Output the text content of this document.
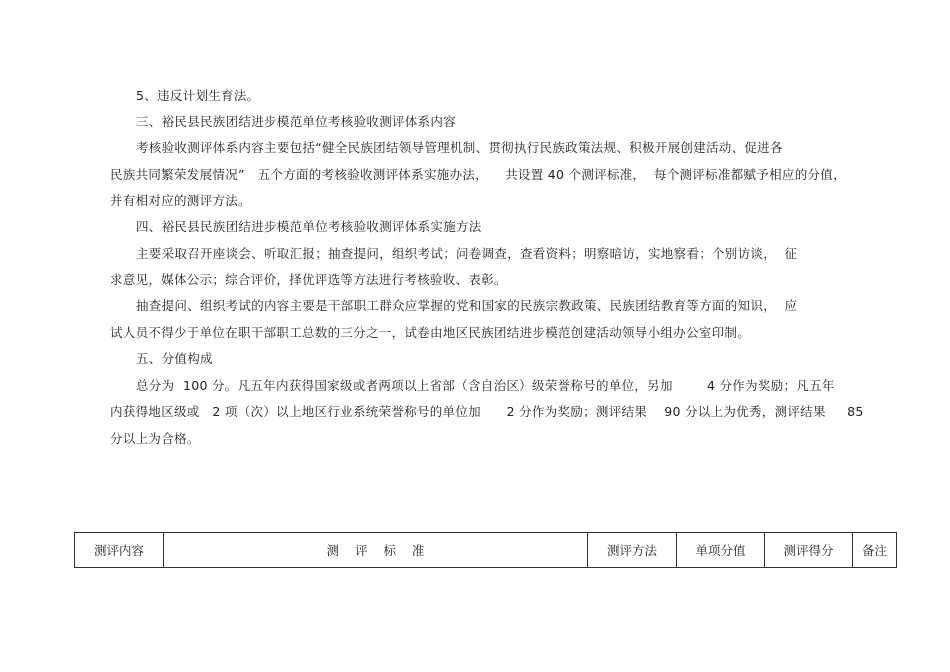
5、违反计划生育法。
三、裕民县民族团结进步模范单位考核验收测评体系内容
考核验收测评体系内容主要包括“健全民族团结领导管理机制、贯彻执行民族政策法规、积极开展创建活动、促进各
民族共同繁荣发展情况”   五个方面的考核验收测评体系实施办法，    共设置 40 个测评标准，  每个测评标准都赋予相应的分值，
并有相对应的测评方法。
四、裕民县民族团结进步模范单位考核验收测评体系实施方法
主要采取召开座谈会、听取汇报；抽查提问，组织考试；问卷调查，查看资料；明察暗访，实地察看；个别访谈，  征
求意见，媒体公示；综合评价，择优评选等方法进行考核验收、表彰。
抽查提问、组织考试的内容主要是干部职工群众应掌握的党和国家的民族宗教政策、民族团结教育等方面的知识，  应
试人员不得少于单位在职干部职工总数的三分之一，试卷由地区民族团结进步模范创建活动领导小组办公室印制。
五、分值构成
总分为  100 分。凡五年内获得国家级或者两项以上省部（含自治区）级荣誉称号的单位，另加        4 分作为奖励；凡五年
内获得地区级或   2 项（次）以上地区行业系统荣誉称号的单位加      2 分作为奖励；测评结果    90 分以上为优秀，测评结果     85
分以上为合格。
测评内容	测    评    标    准	测评方法	单项分值	测评得分	备注
